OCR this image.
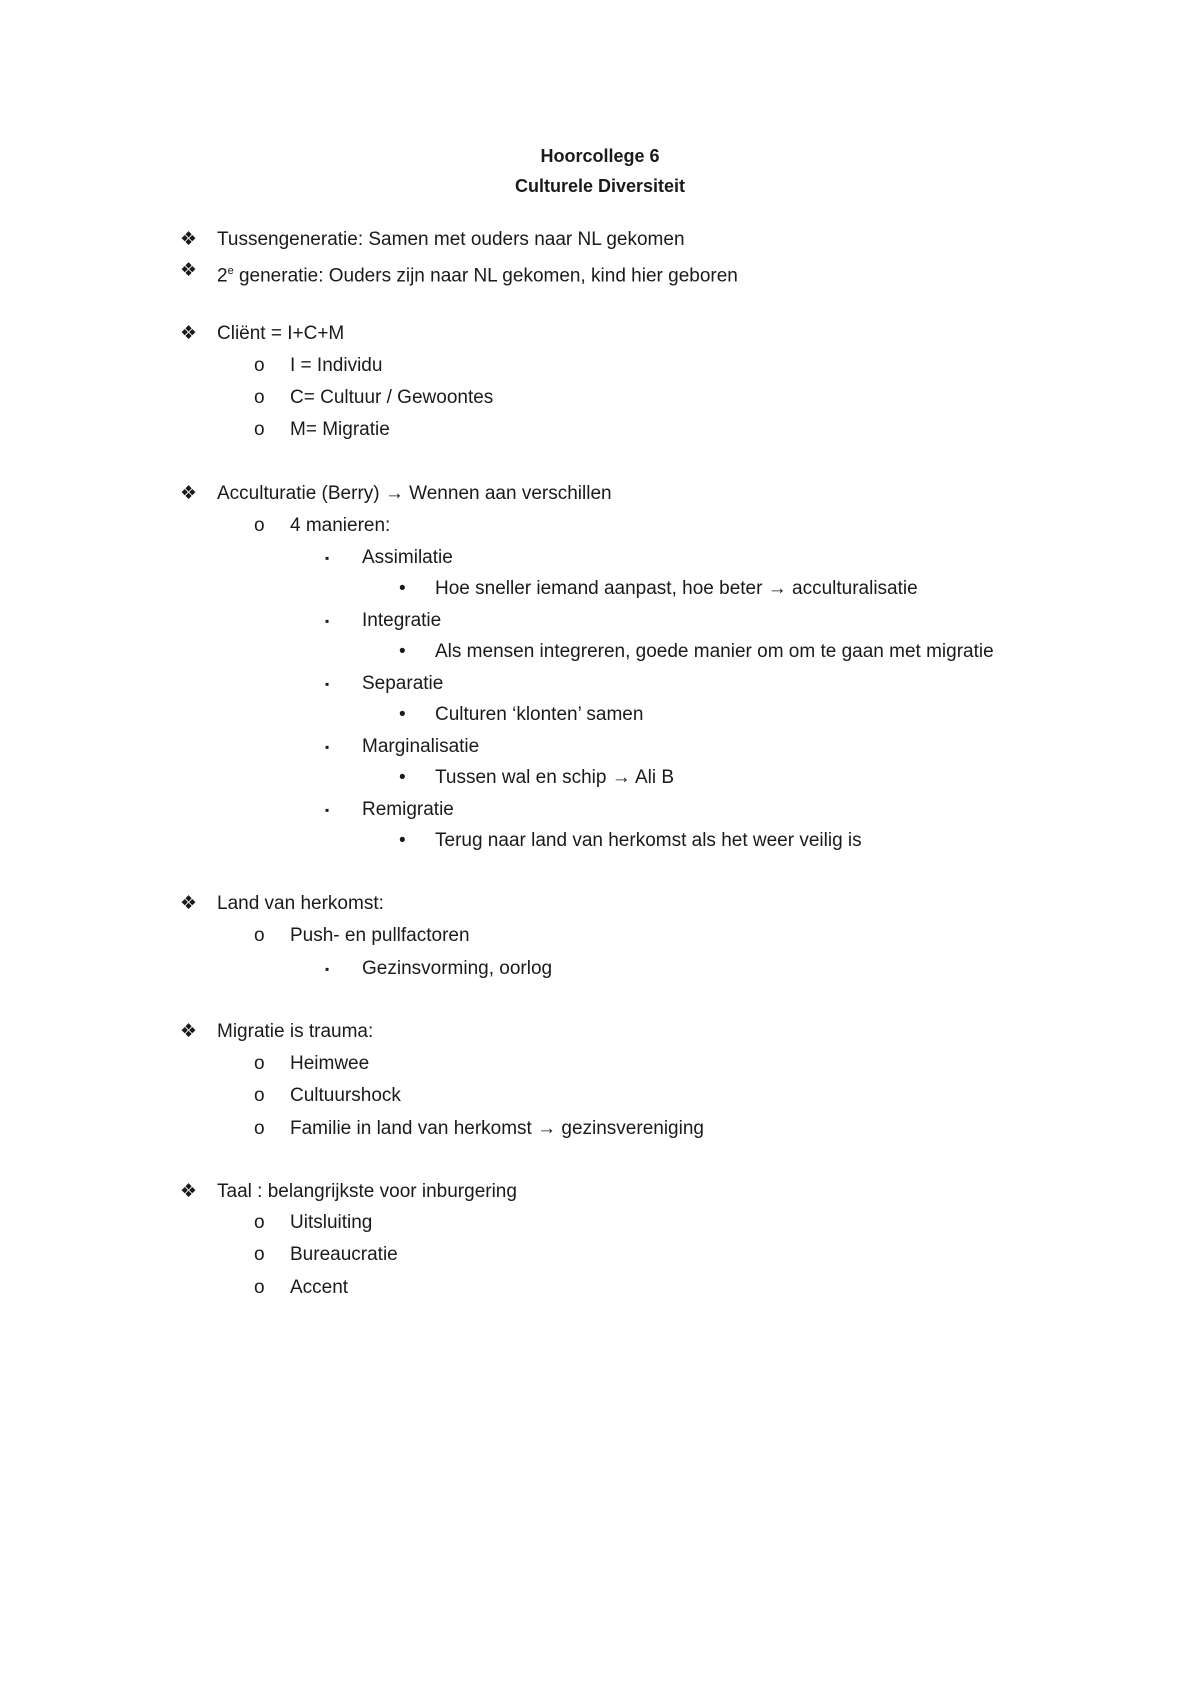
Hoorcollege 6
Culturele Diversiteit
❖ Tussengeneratie: Samen met ouders naar NL gekomen
❖ 2e generatie: Ouders zijn naar NL gekomen, kind hier geboren
❖ Cliënt = I+C+M
o I = Individu
o C= Cultuur / Gewoontes
o M= Migratie
❖ Acculturatie (Berry) → Wennen aan verschillen
o 4 manieren:
▪ Assimilatie
• Hoe sneller iemand aanpast, hoe beter → acculturalisatie
▪ Integratie
• Als mensen integreren, goede manier om om te gaan met migratie
▪ Separatie
• Culturen ‘klonten’ samen
▪ Marginalisatie
• Tussen wal en schip → Ali B
▪ Remigratie
• Terug naar land van herkomst als het weer veilig is
❖ Land van herkomst:
o Push- en pullfactoren
▪ Gezinsvorming, oorlog
❖ Migratie is trauma:
o Heimwee
o Cultuurshock
o Familie in land van herkomst → gezinsvereniging
❖ Taal : belangrijkste voor inburgering
o Uitsluiting
o Bureaucratie
o Accent
